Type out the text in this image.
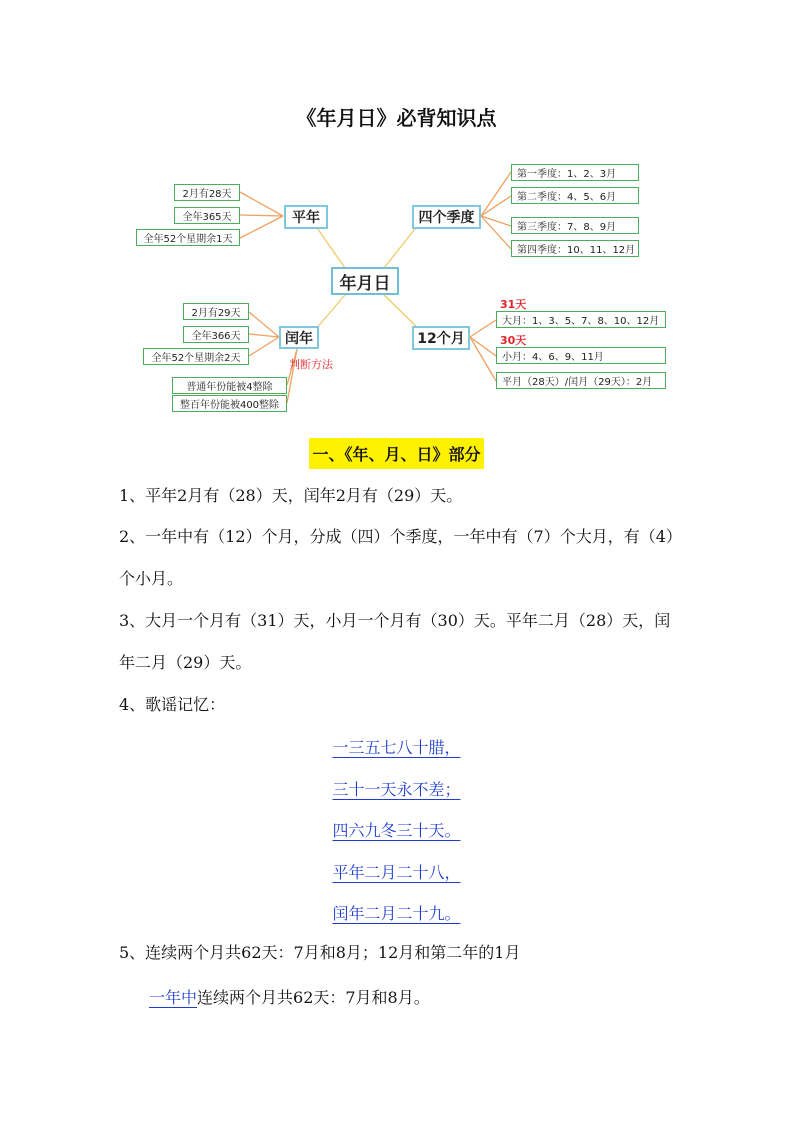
《年月日》必背知识点
年月日
平年
2月有28天
全年365天
全年52个星期余1天
四个季度
第一季度：1、2、3月
第二季度：4、5、6月
第三季度：7、8、9月
第四季度：10、11、12月
闰年
2月有29天
全年366天
全年52个星期余2天	判断方法
普通年份能被4整除
整百年份能被400整除
12个月
31天
大月：1、3、5、7、8、10、12月
30天
小月：4、6、9、11月
平月（28天）/闰月（29天）：2月
一、《年、月、日》部分

1、平年2月有（28）天，闰年2月有（29）天。

2、一年中有（12）个月，分成（四）个季度，一年中有（7）个大月，有（4）个小月。

3、大月一个月有（31）天，小月一个月有（30）天。平年二月（28）天，闰年二月（29）天。

4、歌谣记忆：

一三五七八十腊，
三十一天永不差；
四六九冬三十天。
平年二月二十八，
闰年二月二十九。

5、连续两个月共62天：7月和8月；12月和第二年的1月

一年中连续两个月共62天：7月和8月。
